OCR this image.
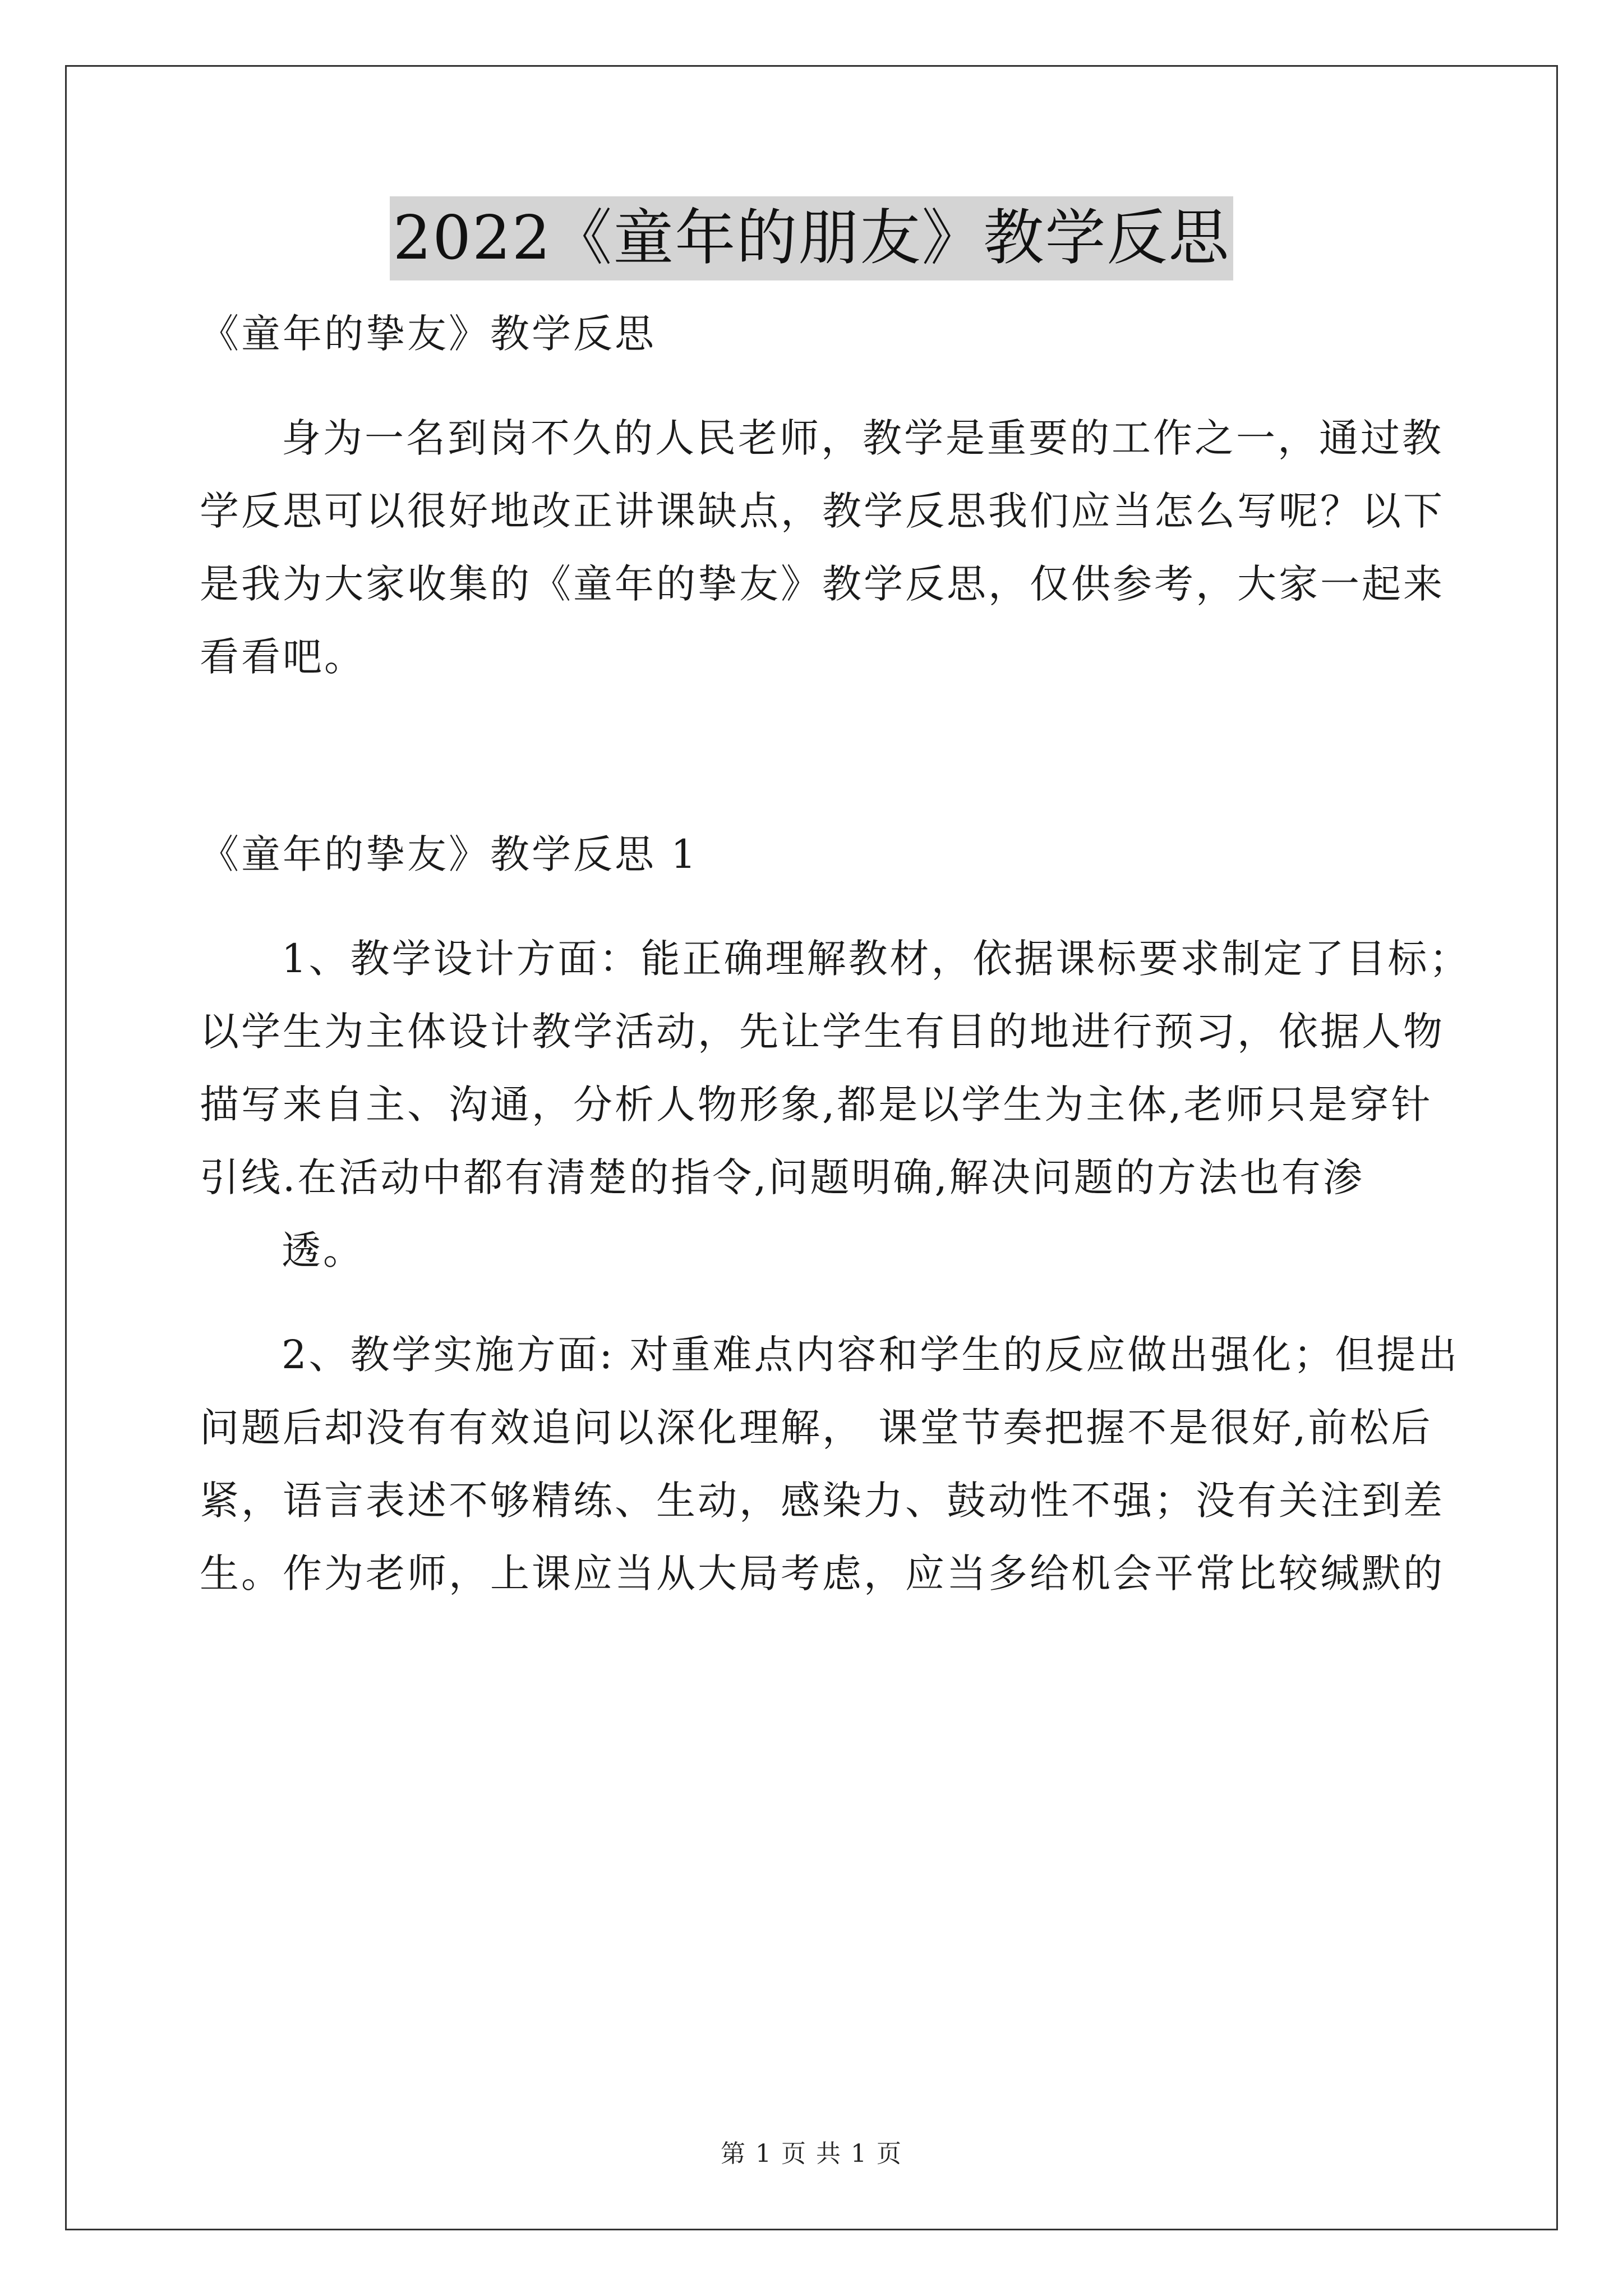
2022《童年的朋友》教学反思
《童年的挚友》教学反思
身为一名到岗不久的人民老师，教学是重要的工作之一，通过教
学反思可以很好地改正讲课缺点，教学反思我们应当怎么写呢？以下
是我为大家收集的《童年的挚友》教学反思，仅供参考，大家一起来
看看吧。
《童年的挚友》教学反思 1
1、教学设计方面：能正确理解教材，依据课标要求制定了目标；
以学生为主体设计教学活动，先让学生有目的地进行预习，依据人物
描写来自主、沟通，分析人物形象,都是以学生为主体,老师只是穿针
引线.在活动中都有清楚的指令,问题明确,解决问题的方法也有渗
透。
2、教学实施方面: 对重难点内容和学生的反应做出强化；但提出
问题后却没有有效追问以深化理解， 课堂节奏把握不是很好,前松后
紧，语言表述不够精练、生动，感染力、鼓动性不强；没有关注到差
生。作为老师，上课应当从大局考虑，应当多给机会平常比较缄默的
第 1 页 共 1 页
